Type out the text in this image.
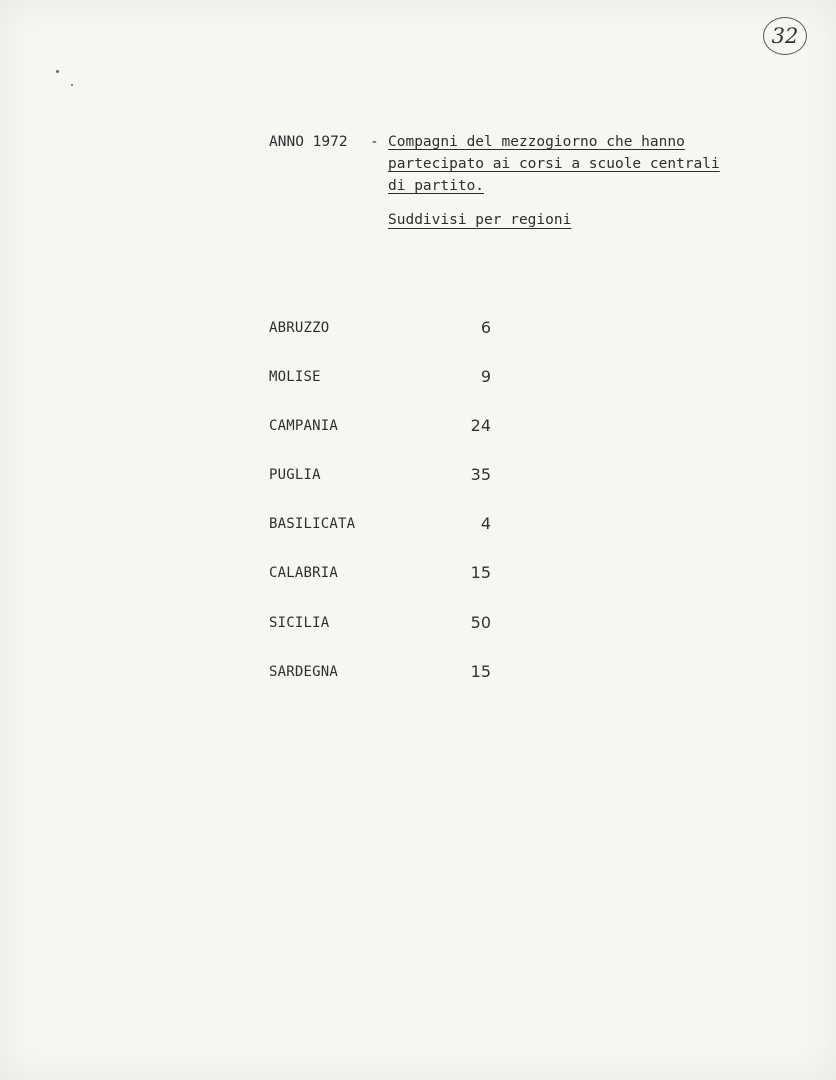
32
ANNO 1972 - Compagni del mezzogiorno che hanno
partecipato ai corsi a scuole centrali
di partito.
Suddivisi per regioni
ABRUZZO	6
MOLISE	9
CAMPANIA	24
PUGLIA	35
BASILICATA	4
CALABRIA	15
SICILIA	50
SARDEGNA	15
